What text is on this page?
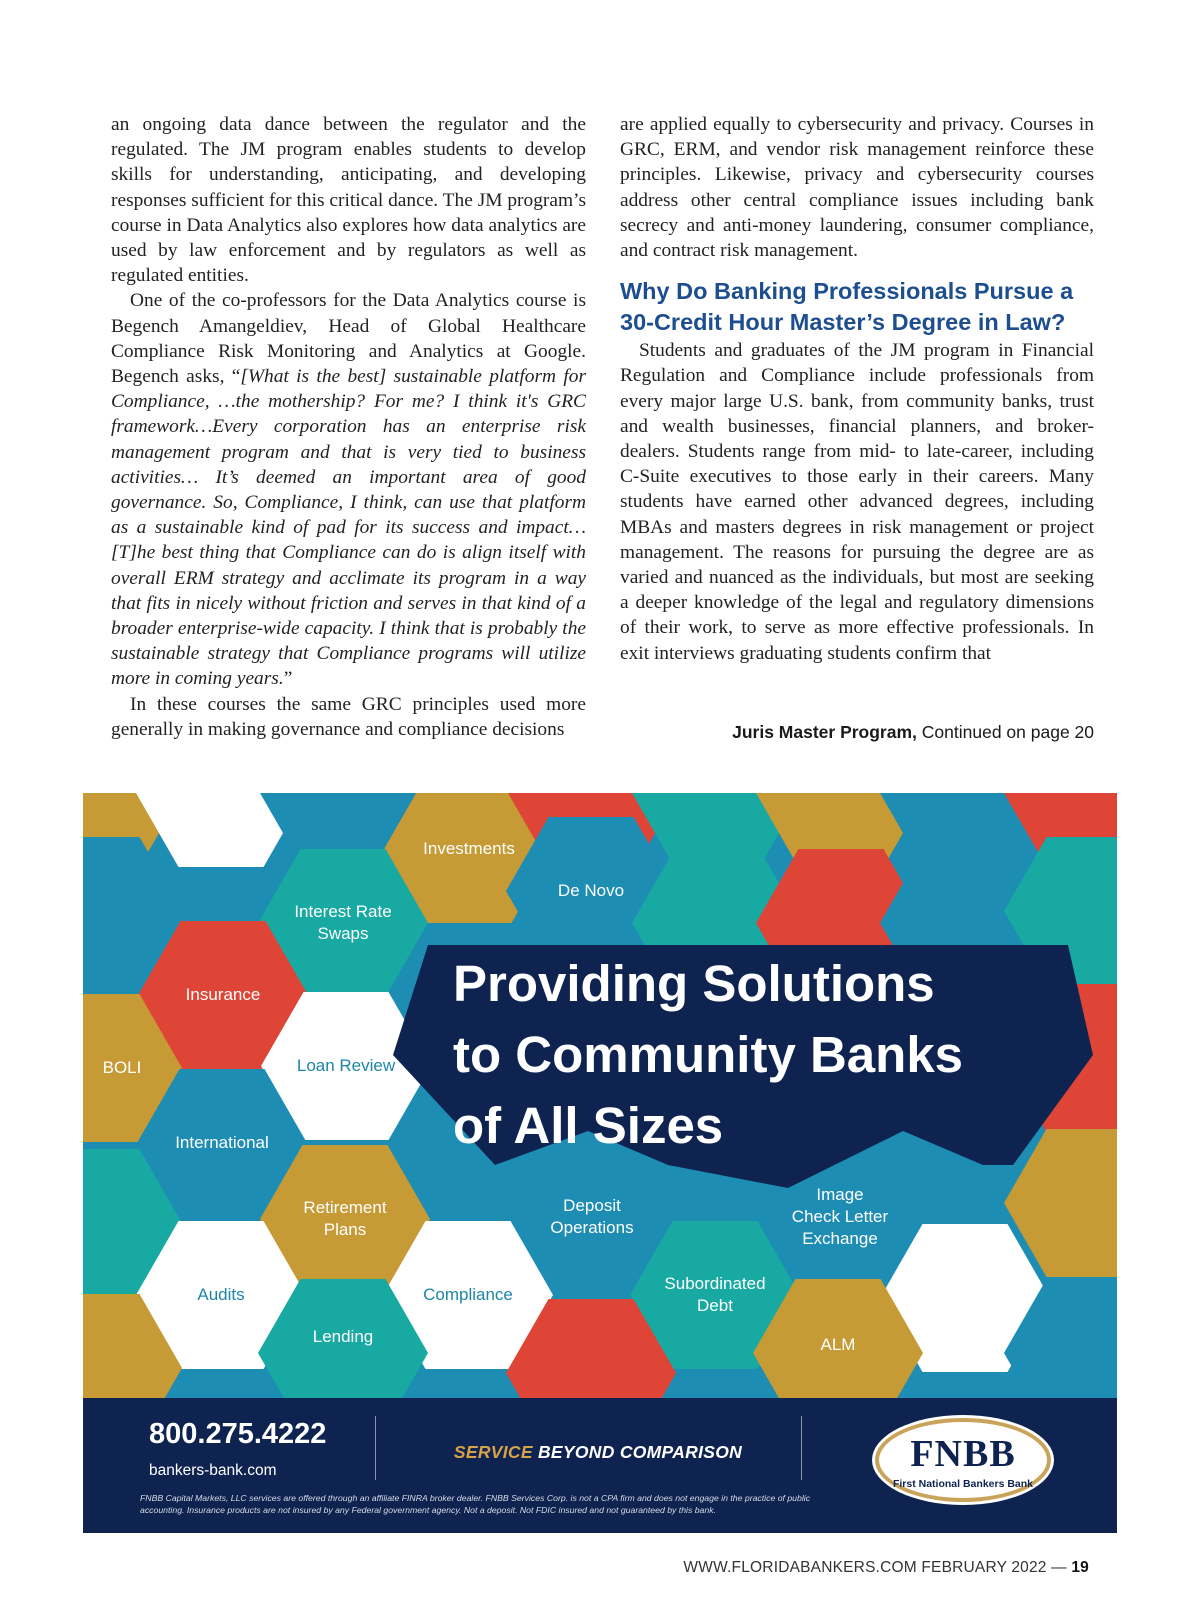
an ongoing data dance between the regulator and the regulated. The JM program enables students to develop skills for understanding, anticipating, and developing responses sufficient for this critical dance. The JM program’s course in Data Analytics also explores how data analytics are used by law enforcement and by regulators as well as regulated entities.

One of the co-professors for the Data Analytics course is Begench Amangeldiev, Head of Global Healthcare Compliance Risk Monitoring and Analytics at Google. Begench asks, “[What is the best] sustainable platform for Compliance, …the mothership? For me? I think it's GRC framework…Every corporation has an enterprise risk management program and that is very tied to business activities… It’s deemed an important area of good governance. So, Compliance, I think, can use that platform as a sustainable kind of pad for its success and impact…[T]he best thing that Compliance can do is align itself with overall ERM strategy and acclimate its program in a way that fits in nicely without friction and serves in that kind of a broader enterprise-wide capacity. I think that is probably the sustainable strategy that Compliance programs will utilize more in coming years.”

In these courses the same GRC principles used more generally in making governance and compliance decisions

are applied equally to cybersecurity and privacy. Courses in GRC, ERM, and vendor risk management reinforce these principles. Likewise, privacy and cybersecurity courses address other central compliance issues including bank secrecy and anti-money laundering, consumer compliance, and contract risk management.

Why Do Banking Professionals Pursue a 30-Credit Hour Master’s Degree in Law?

Students and graduates of the JM program in Financial Regulation and Compliance include professionals from every major large U.S. bank, from community banks, trust and wealth businesses, financial planners, and broker-dealers. Students range from mid- to late-career, including C-Suite executives to those early in their careers. Many students have earned other advanced degrees, including MBAs and masters degrees in risk management or project management. The reasons for pursuing the degree are as varied and nuanced as the individuals, but most are seeking a deeper knowledge of the legal and regulatory dimensions of their work, to serve as more effective professionals. In exit interviews graduating students confirm that

Juris Master Program, Continued on page 20
Investments
De Novo
Interest Rate
Swaps
Insurance
BOLI	Loan Review
International
Retirement
Plans
Deposit
Operations
Image
Check Letter
Exchange
Subordinated
Debt
Audits	Compliance
Lending	ALM
Providing Solutions
to Community Banks
of All Sizes
800.275.4222
bankers-bank.com
SERVICE BEYOND COMPARISON	FNBB
First National Bankers Bank
FNBB Capital Markets, LLC services are offered through an affiliate FINRA broker dealer. FNBB Services Corp. is not a CPA firm and does not engage in the practice of public accounting. Insurance products are not insured by any Federal government agency. Not a deposit. Not FDIC insured and not guaranteed by this bank.
WWW.FLORIDABANKERS.COM FEBRUARY 2022 — 19
